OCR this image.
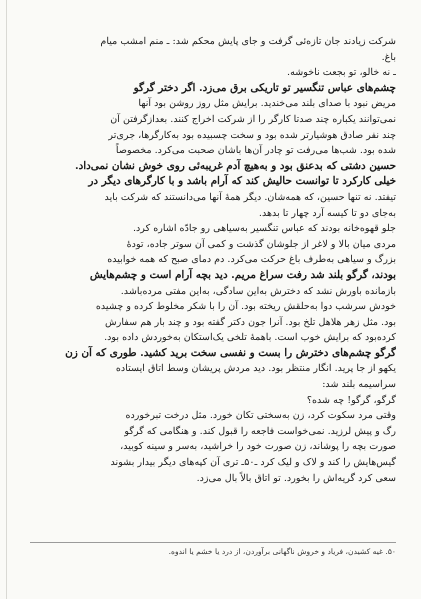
شرکت زیادند جان تازه‌ئی گرفت و جای پایش محکم شد: ـ منم امشب میام
باغ.
ـ نه خالو، تو بجعت ناخوشه.
چشم‌های عباس تنگسیر تو تاریکی برق می‌زد. اگر دختر گرگو
مریض نبود با صدای بلند می‌خندید. برایش مثل روز روشن بود آنها
نمی‌توانند یکباره چند صدتا کارگر را از شرکت اخراج کنند. بعدازگرفتن آن
چند نفر صادق هوشیارتر شده بود و سخت چسبیده بود به‌کارگرها، جری‌تر
شده بود. شب‌ها می‌رفت تو چادر آن‌ها باشان صحبت می‌کرد. مخصوصاً
حسین دشتی که بدعنق بود و به‌هیچ آدم غریبه‌ئی روی خوش نشان نمی‌داد.
خیلی کارکرد تا توانست حالیش کند که آرام باشد و با کارگرهای دیگر در
تیفتد. نه تنها حسین، که همه‌شان. دیگر همهٔ آنها می‌دانستند که شرکت باید
به‌جای دو تا کیسه آرد چهار تا بدهد.
جلو قهوه‌خانه بودند که عباس تنگسیر به‌سیاهی رو جادّه اشاره کرد.
مردی میان بالا و لاغر از جلوشان گذشت و کمی آن سوتر جاده، تودهٔ
بزرگ و سیاهی به‌طرف باغ حرکت می‌کرد. دم دمای صبح که همه خوابیده
بودند، گرگو بلند شد رفت سراغ مریم. دید بچه آرام است و چشم‌هایش
بازمانده باورش نشد که دخترش به‌این سادگی، به‌این مفتی مرده‌باشد.
خودش سرشب دوا به‌حلقش ریخته بود. آن را با شکر مخلوط کرده و چشیده
بود. مثل زهر هلاهل تلخ بود. آنرا جون دکتر گفته بود و چند بار هم سفارش
کرده‌بود که برایش خوب است. باهمهٔ تلخی یک‌استکان به‌خوردش داده بود.
گرگو چشم‌های دخترش را بست و نفسی سخت برید کشید. طوری که آن زن
یکهو از جا پرید. انگار منتظر بود. دید مردش پریشان وسط اتاق ایستاده
سراسیمه بلند شد:
گرگو، گرگو! چه شده؟
وقتی مرد سکوت کرد، زن به‌سختی تکان خورد. مثل درخت تبرخورده
رگ و پیش لرزید. نمی‌خواست فاجعه را قبول کند. و هنگامی که گرگو
صورت بچه را پوشاند، زن صورت خود را خراشید، به‌سر و سینه کوبید،
گیس‌هایش را کند و لاک و لیک کرد ـ۵۰ـ تری آن کپه‌های دیگر بیدار بشوند
سعی کرد گریه‌اش را بخورد. تو اتاق بالاً بال می‌زد.
۵۰. غیه کشیدن، فریاد و خروش ناگهانی برآوردن، از درد یا خشم یا اندوه.
